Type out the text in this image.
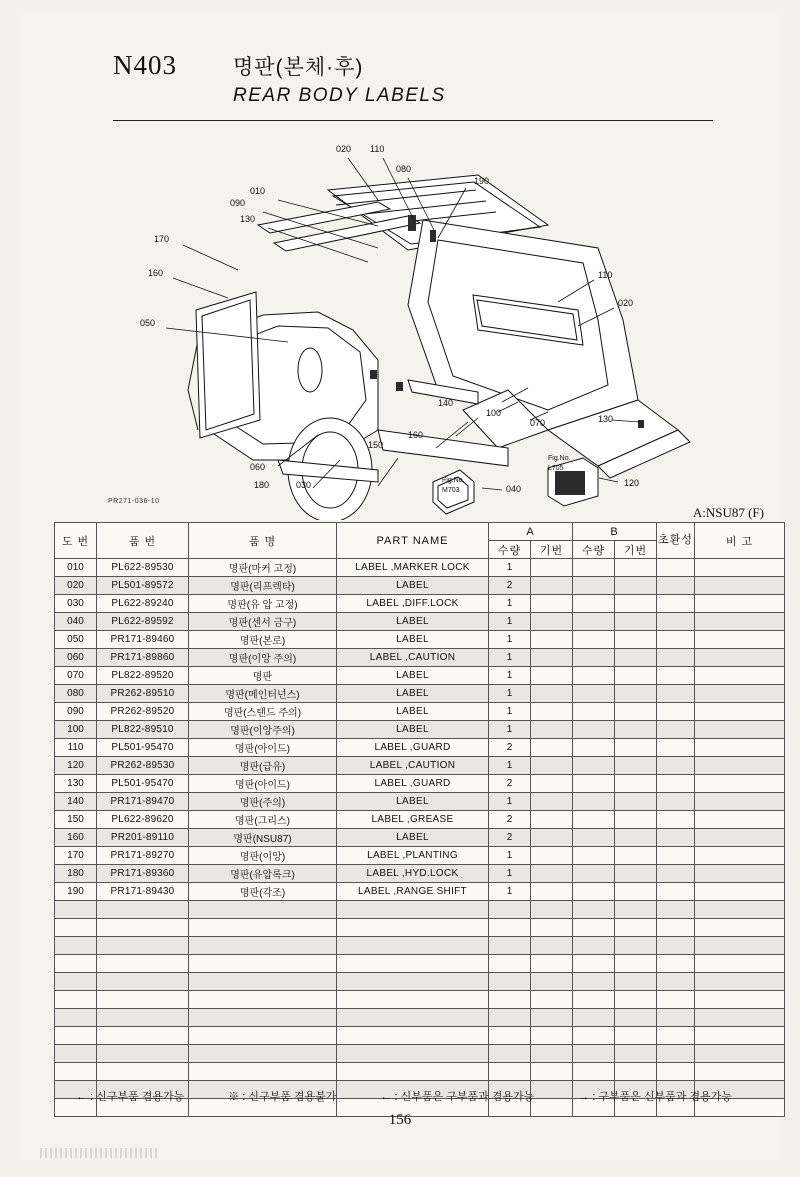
N403	명판(본체·후)
REAR BODY LABELS
020 110
080
190
010
090
130
170
160
050
110
020
180	030
060
150
160
140
100
070	130
040
120
Fig.No.
M703
Fig.No.
L705
PR271-036-10
A:NSU87 (F)
도 번	품 번	품 명	PART NAME	A		B		초환성	비 고
				수량	기번	수량	기번		
010	PL622-89530	명판(마커 고정)	LABEL ,MARKER LOCK	1					
020	PL501-89572	명판(리프렉타)	LABEL	2					
030	PL622-89240	명판(유 압 고정)	LABEL ,DIFF.LOCK	1					
040	PL622-89592	명판(센서 금구)	LABEL	1					
050	PR171-89460	명판(본로)	LABEL	1					
060	PR171-89860	명판(이앙 주의)	LABEL ,CAUTION	1					
070	PL822-89520	명판	LABEL	1					
080	PR262-89510	명판(메인터넌스)	LABEL	1					
090	PR262-89520	명판(스탠드 주의)	LABEL	1					
100	PL822-89510	명판(이앙주의)	LABEL	1					
110	PL501-95470	명판(아이드)	LABEL ,GUARD	2					
120	PR262-89530	명판(급유)	LABEL ,CAUTION	1					
130	PL501-95470	명판(아이드)	LABEL ,GUARD	2					
140	PR171-89470	명판(주의)	LABEL	1					
150	PL622-89620	명판(그리스)	LABEL ,GREASE	2					
160	PR201-89110	명판(NSU87)	LABEL	2					
170	PR171-89270	명판(이앙)	LABEL ,PLANTING	1					
180	PR171-89360	명판(유압록크)	LABEL ,HYD.LOCK	1					
190	PR171-89430	명판(각조)	LABEL ,RANGE SHIFT	1					

← : 신구부품 겸용가능	※ : 신구부품 겸용불가	← : 신부품은 구부품과 겸용가능	→ : 구부품은 신부품과 겸용가능
156
